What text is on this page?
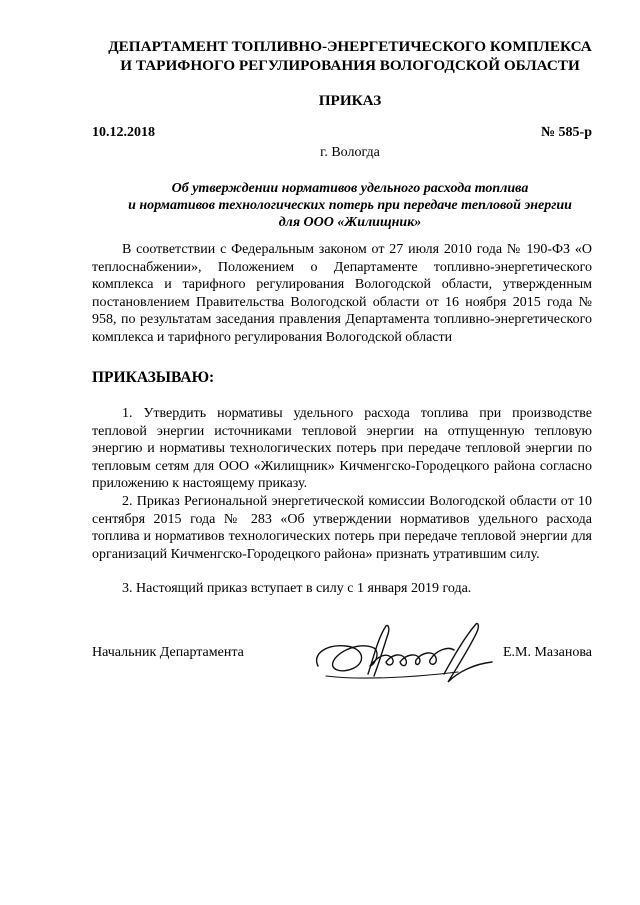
ДЕПАРТАМЕНТ ТОПЛИВНО-ЭНЕРГЕТИЧЕСКОГО КОМПЛЕКСА
И ТАРИФНОГО РЕГУЛИРОВАНИЯ ВОЛОГОДСКОЙ ОБЛАСТИ
ПРИКАЗ
10.12.2018	№ 585-р
г. Вологда
Об утверждении нормативов удельного расхода топлива
и нормативов технологических потерь при передаче тепловой энергии
для ООО «Жилищник»

В соответствии с Федеральным законом от 27 июля 2010 года № 190-ФЗ «О теплоснабжении», Положением о Департаменте топливно-энергетического комплекса и тарифного регулирования Вологодской области, утвержденным постановлением Правительства Вологодской области от 16 ноября 2015 года № 958, по результатам заседания правления Департамента топливно-энергетического комплекса и тарифного регулирования Вологодской области

ПРИКАЗЫВАЮ:

1. Утвердить нормативы удельного расхода топлива при производстве тепловой энергии источниками тепловой энергии на отпущенную тепловую энергию и нормативы технологических потерь при передаче тепловой энергии по тепловым сетям для ООО «Жилищник» Кичменгско-Городецкого района согласно приложению к настоящему приказу.

2. Приказ Региональной энергетической комиссии Вологодской области от 10 сентября 2015 года № 283 «Об утверждении нормативов удельного расхода топлива и нормативов технологических потерь при передаче тепловой энергии для организаций Кичменгско-Городецкого района» признать утратившим силу.

3. Настоящий приказ вступает в силу с 1 января 2019 года.

Начальник Департамента	Е.М. Мазанова
